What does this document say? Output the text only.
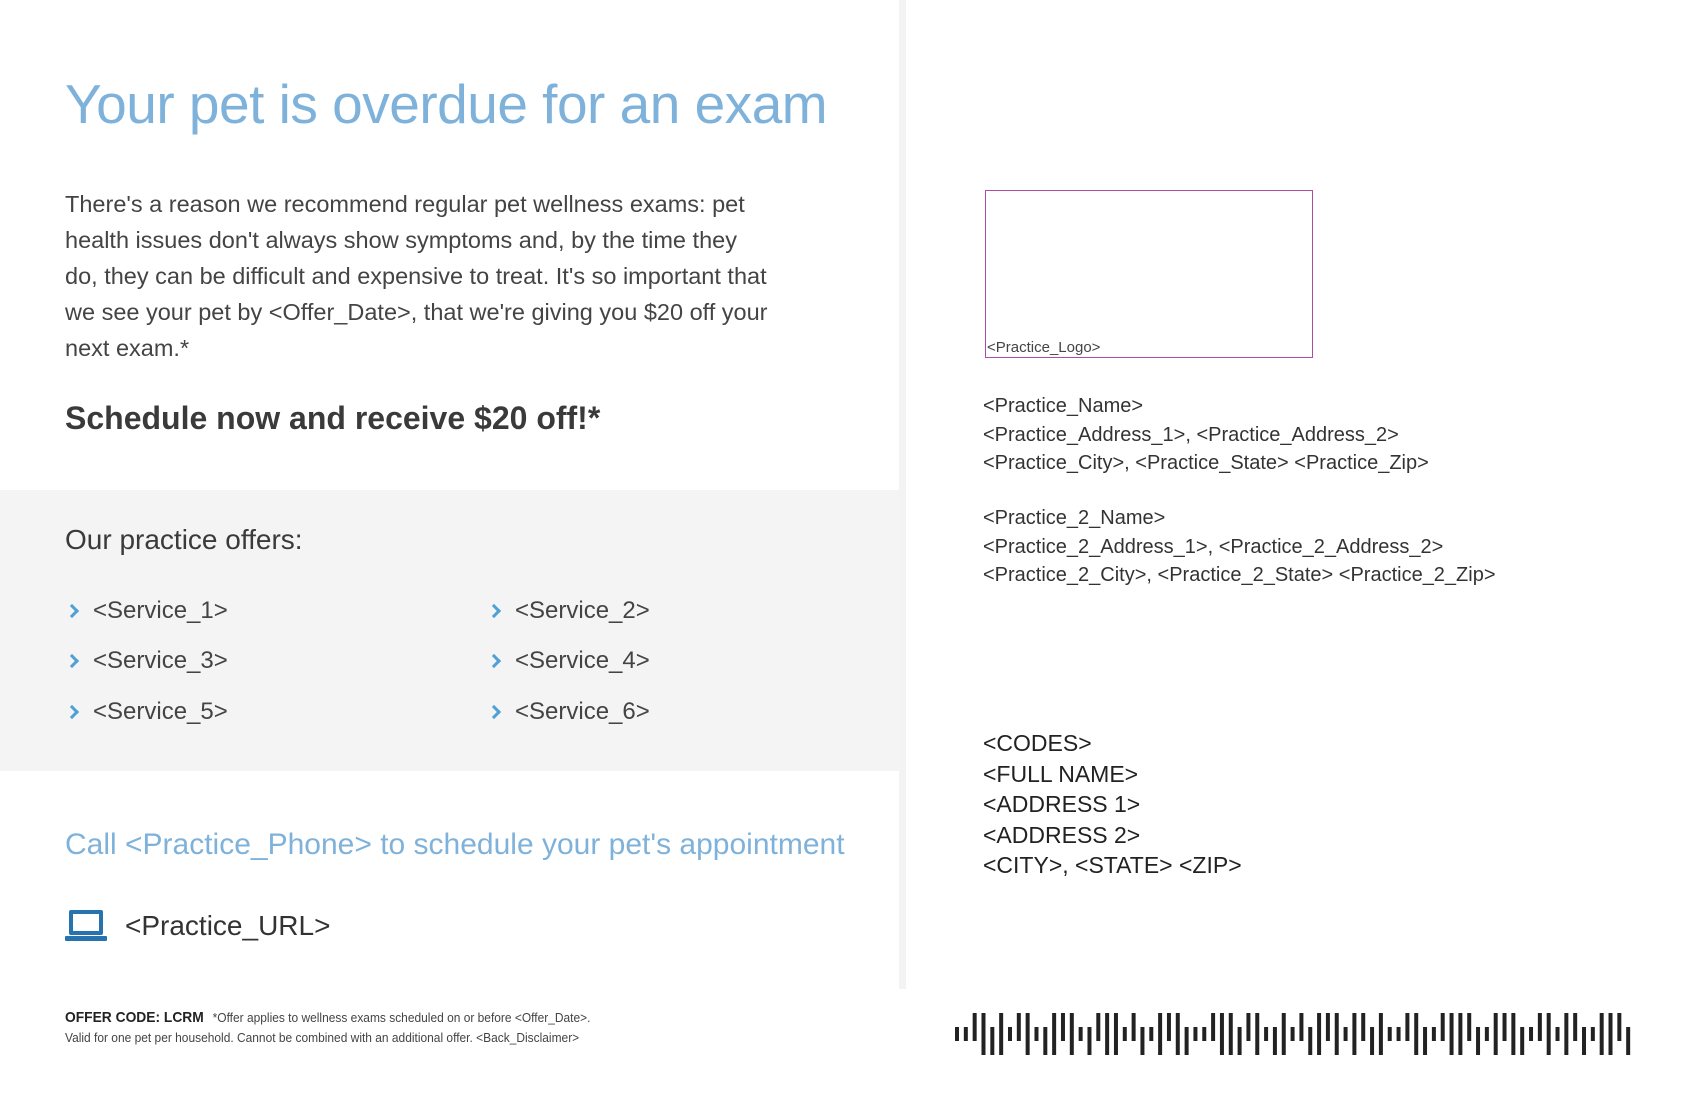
Your pet is overdue for an exam

There's a reason we recommend regular pet wellness exams: pet
health issues don't always show symptoms and, by the time they
do, they can be difficult and expensive to treat. It's so important that
we see your pet by <Offer_Date>, that we're giving you $20 off your
next exam.*

Schedule now and receive $20 off!*
Our practice offers:
<Service_1>	<Service_2>
<Service_3>	<Service_4>
<Service_5>	<Service_6>
Call <Practice_Phone> to schedule your pet's appointment
<Practice_URL>
OFFER CODE: LCRM *Offer applies to wellness exams scheduled on or before <Offer_Date>.
Valid for one pet per household. Cannot be combined with an additional offer. <Back_Disclaimer>
<Practice_Logo>
<Practice_Name>
<Practice_Address_1>, <Practice_Address_2>
<Practice_City>, <Practice_State> <Practice_Zip>
<Practice_2_Name>
<Practice_2_Address_1>, <Practice_2_Address_2>
<Practice_2_City>, <Practice_2_State> <Practice_2_Zip>
<CODES>
<FULL NAME>
<ADDRESS 1>
<ADDRESS 2>
<CITY>, <STATE> <ZIP>
